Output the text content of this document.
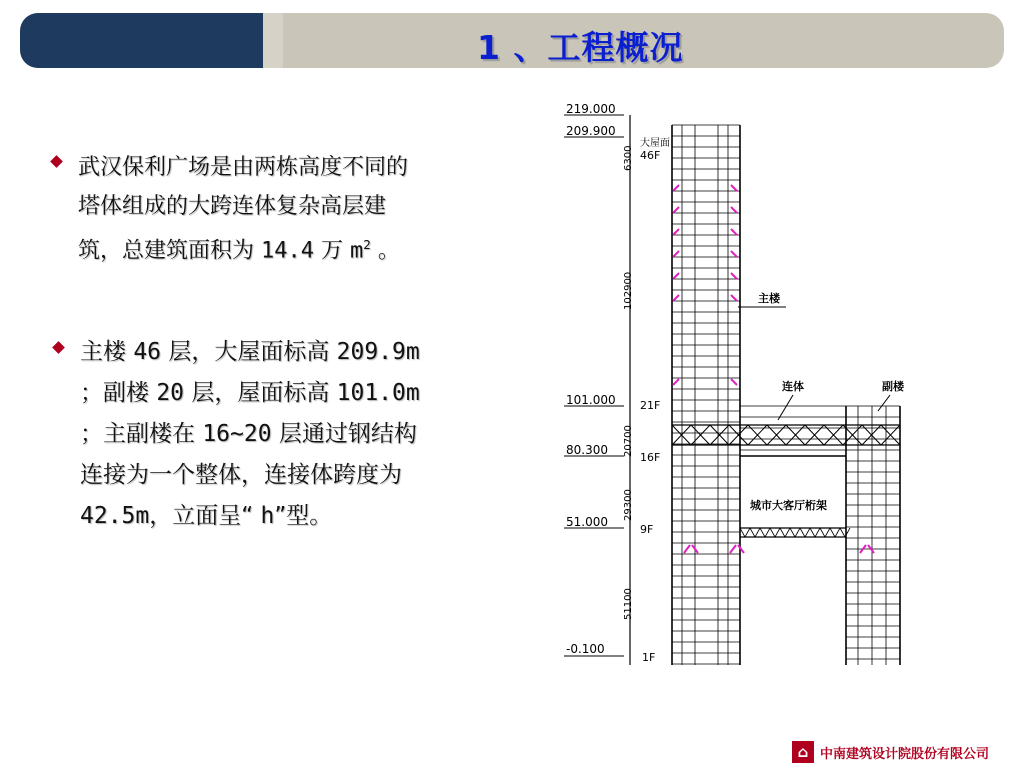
1 、工程概况
武汉保利广场是由两栋高度不同的
塔体组成的大跨连体复杂高层建
筑，总建筑面积为 14.4 万 $m^2$ 。
主楼 46 层，大屋面标高 209.9m
；副楼 20 层，屋面标高 101.0m
；主副楼在 16~20 层通过钢结构
连接为一个整体，连接体跨度为
42.5m，立面呈“ h”型。
219.000
209.900
101.000
80.300
51.000
-0.100
46F
21F
16F
9F
1F
6300
102900
20700
29300
51100
大屋面
主楼
连体	副楼
城市大客厅桁架
⌂ 中南建筑设计院股份有限公司
